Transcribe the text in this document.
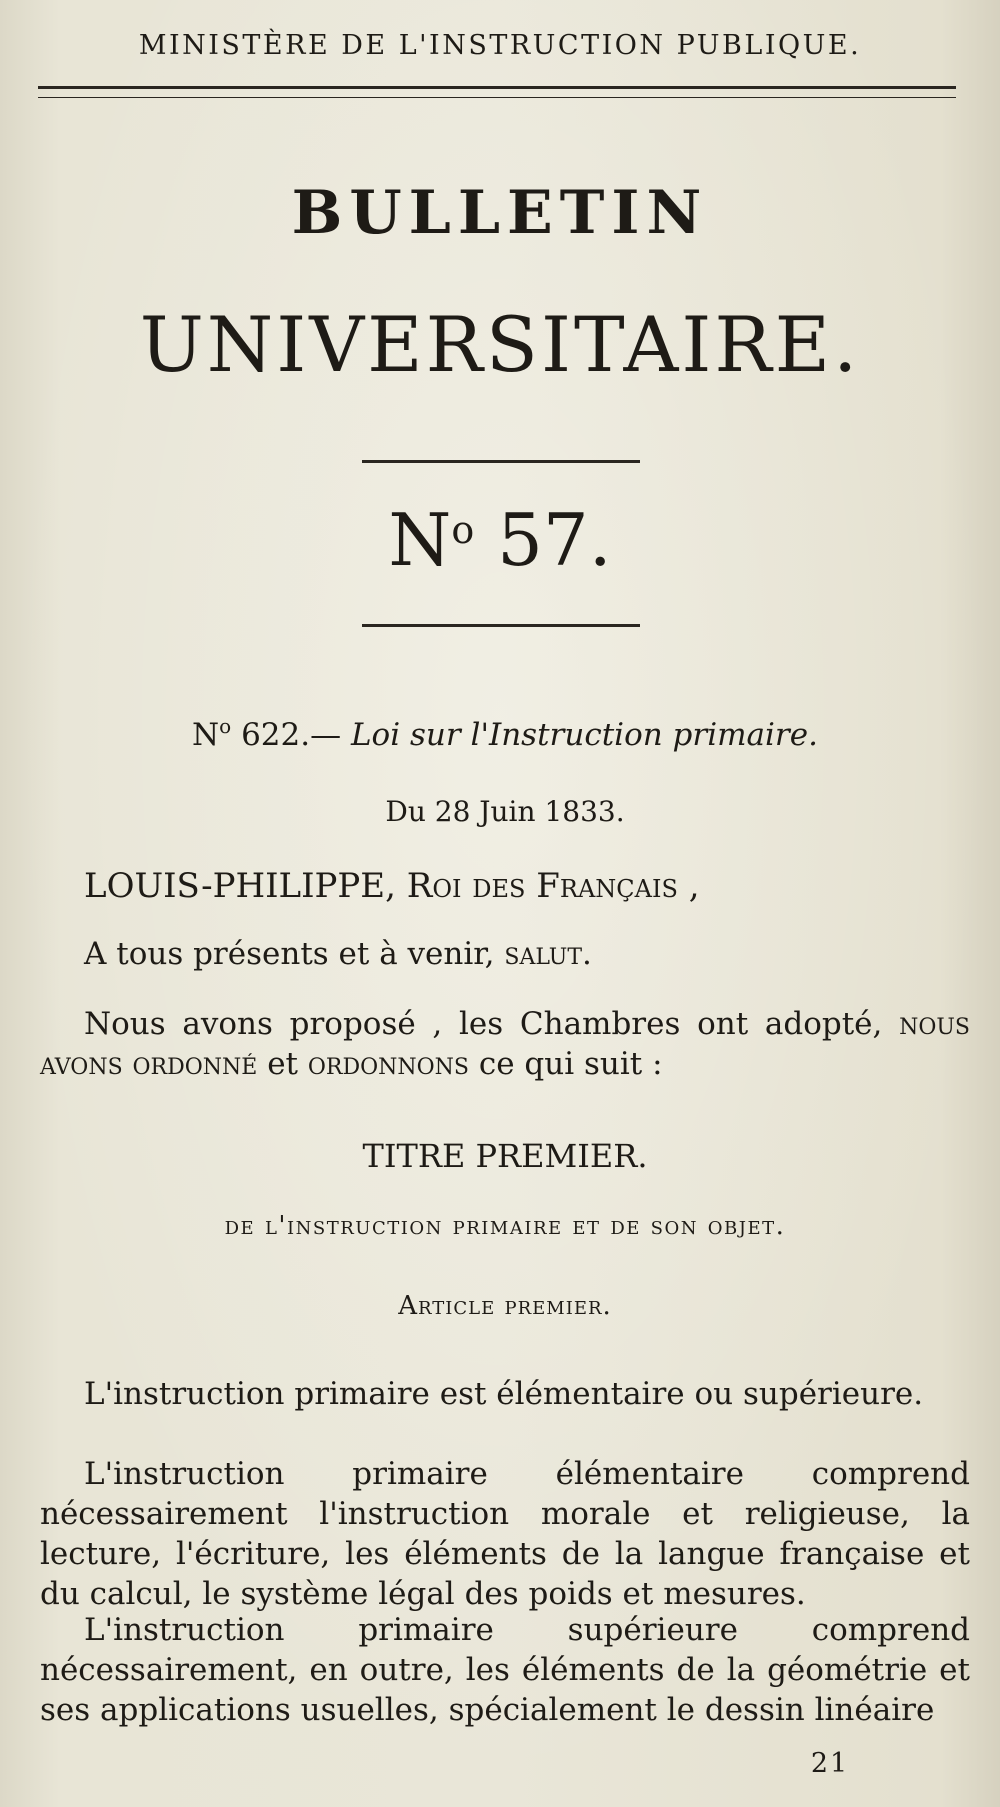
MINISTÈRE DE L'INSTRUCTION PUBLIQUE.
BULLETIN
UNIVERSITAIRE.
$N^o$ 57.
$N^o$ 622.— Loi sur l'Instruction primaire.
Du 28 Juin 1833.
LOUIS-PHILIPPE, Roi des Français ,
A tous présents et à venir, salut.
Nous avons proposé , les Chambres ont adopté, nous avons ordonné et ordonnons ce qui suit :
TITRE PREMIER.
de l'instruction primaire et de son objet.
Article premier.
L'instruction primaire est élémentaire ou supérieure.
L'instruction primaire élémentaire comprend nécessairement l'instruction morale et religieuse, la lecture, l'écriture, les éléments de la langue française et du calcul, le système légal des poids et mesures.
L'instruction primaire supérieure comprend nécessairement, en outre, les éléments de la géométrie et ses applications usuelles, spécialement le dessin linéaire
21
